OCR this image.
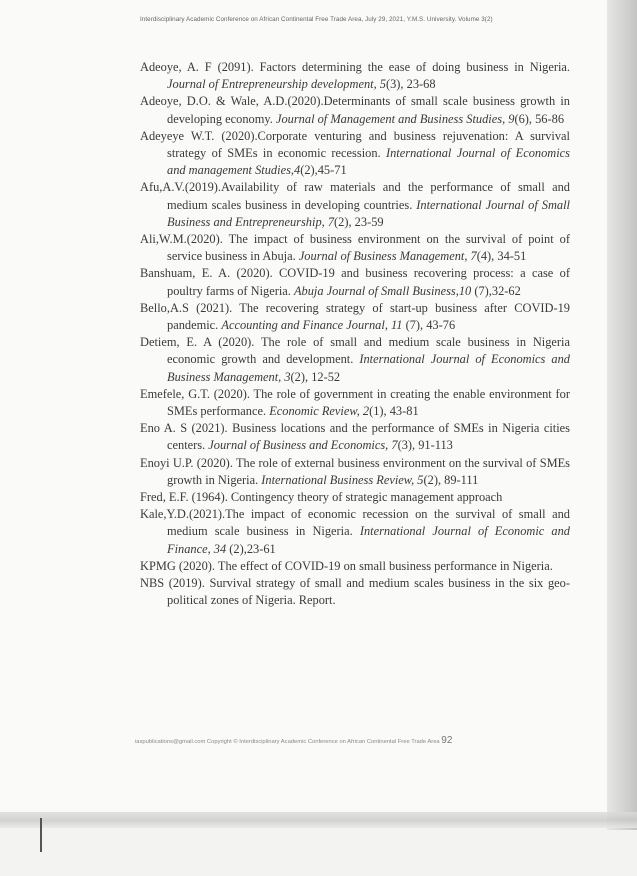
Interdisciplinary Academic Conference on African Continental Free Trade Area, July 29, 2021, Y.M.S. University. Volume 3(2)

Adeoye, A. F (2091). Factors determining the ease of doing business in Nigeria. Journal of Entrepreneurship development, 5(3), 23-68

Adeoye, D.O. & Wale, A.D.(2020).Determinants of small scale business growth in developing economy. Journal of Management and Business Studies, 9(6), 56-86

Adeyeye W.T. (2020).Corporate venturing and business rejuvenation: A survival strategy of SMEs in economic recession. International Journal of Economics and management Studies,4(2),45-71

Afu,A.V.(2019).Availability of raw materials and the performance of small and medium scales business in developing countries. International Journal of Small Business and Entrepreneurship, 7(2), 23-59

Ali,W.M.(2020). The impact of business environment on the survival of point of service business in Abuja. Journal of Business Management, 7(4), 34-51

Banshuam, E. A. (2020). COVID-19 and business recovering process: a case of poultry farms of Nigeria. Abuja Journal of Small Business,10 (7),32-62

Bello,A.S (2021). The recovering strategy of start-up business after COVID-19 pandemic. Accounting and Finance Journal, 11 (7), 43-76

Detiem, E. A (2020). The role of small and medium scale business in Nigeria economic growth and development. International Journal of Economics and Business Management, 3(2), 12-52

Emefele, G.T. (2020). The role of government in creating the enable environment for SMEs performance. Economic Review, 2(1), 43-81

Eno A. S (2021). Business locations and the performance of SMEs in Nigeria cities centers. Journal of Business and Economics, 7(3), 91-113

Enoyi U.P. (2020). The role of external business environment on the survival of SMEs growth in Nigeria. International Business Review, 5(2), 89-111

Fred, E.F. (1964). Contingency theory of strategic management approach

Kale,Y.D.(2021).The impact of economic recession on the survival of small and medium scale business in Nigeria. International Journal of Economic and Finance, 34 (2),23-61

KPMG (2020). The effect of COVID-19 on small business performance in Nigeria.

NBS (2019). Survival strategy of small and medium scales business in the six geo-political zones of Nigeria. Report.

iaspublications@gmail.com Copyright © Interdisciplinary Academic Conference on African Continental Free Trade Area 92
